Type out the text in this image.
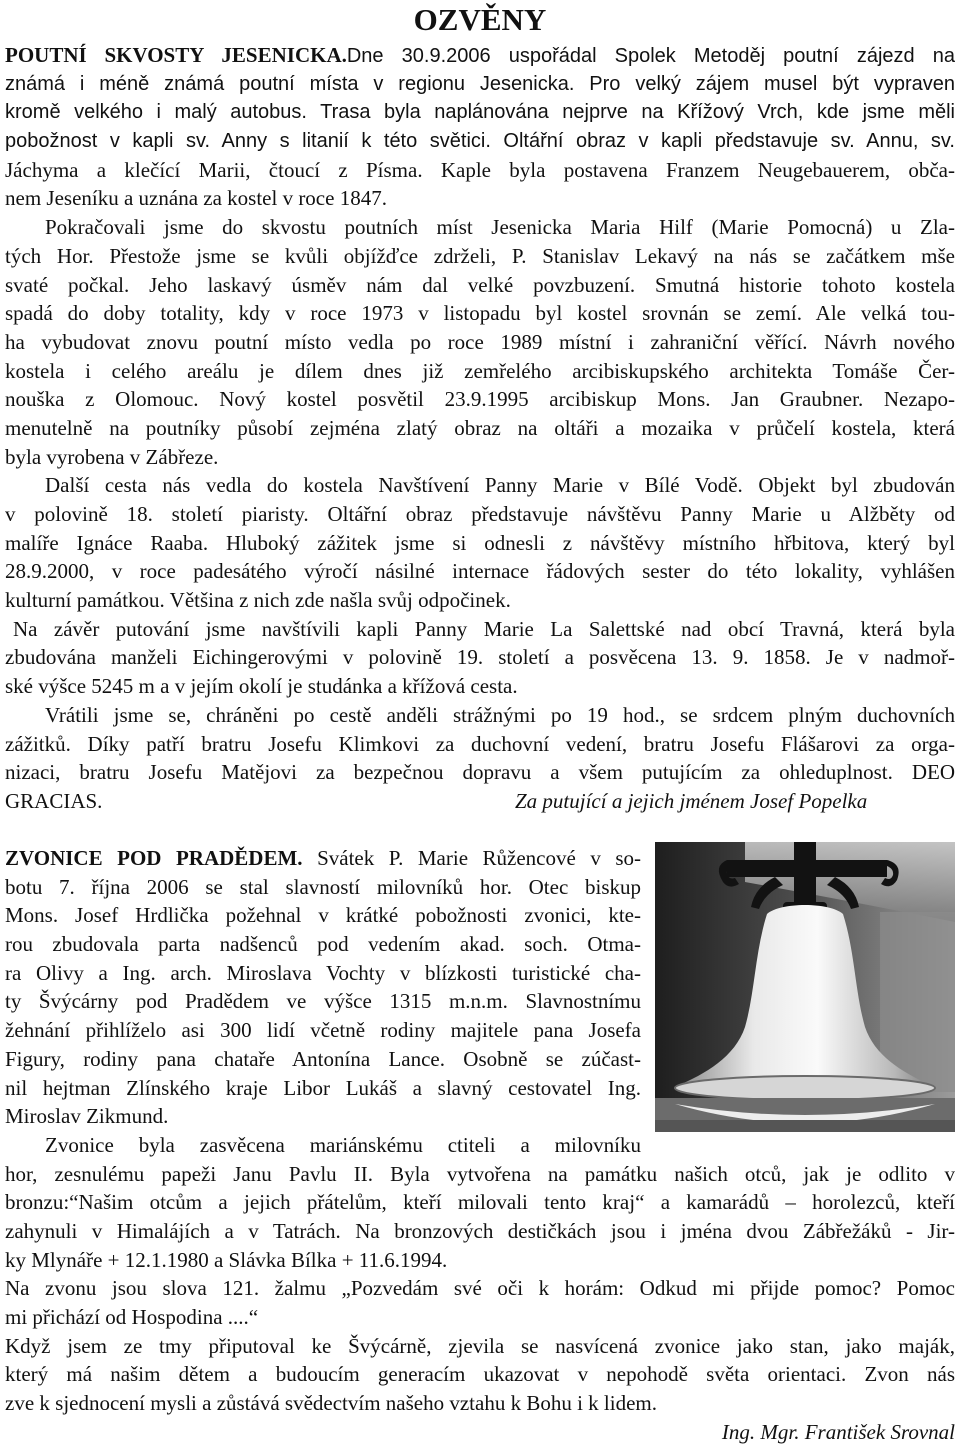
OZVĚNY
POUTNÍ SKVOSTY JESENICKA.Dne 30.9.2006 uspořádal Spolek Metoděj poutní zájezd na
známá i méně známá poutní místa v regionu Jesenicka. Pro velký zájem musel být vypraven
kromě velkého i malý autobus. Trasa byla naplánována nejprve na Křížový Vrch, kde jsme měli
pobožnost v kapli sv. Anny s litanií k této světici. Oltářní obraz v kapli představuje sv. Annu, sv.
Jáchyma a klečící Marii, čtoucí z Písma. Kaple byla postavena Franzem Neugebauerem, obča-
nem Jeseníku a uznána za kostel v roce 1847.
Pokračovali jsme do skvostu poutních míst Jesenicka Maria Hilf (Marie Pomocná) u Zla-
tých Hor. Přestože jsme se kvůli objížďce zdrželi, P. Stanislav Lekavý na nás se začátkem mše
svaté počkal. Jeho laskavý úsměv nám dal velké povzbuzení. Smutná historie tohoto kostela
spadá do doby totality, kdy v roce 1973 v listopadu byl kostel srovnán se zemí. Ale velká tou-
ha vybudovat znovu poutní místo vedla po roce 1989 místní i zahraniční věřící. Návrh nového
kostela i celého areálu je dílem dnes již zemřelého arcibiskupského architekta Tomáše Čer-
nouška z Olomouc. Nový kostel posvětil 23.9.1995 arcibiskup Mons. Jan Graubner. Nezapo-
menutelně na poutníky působí zejména zlatý obraz na oltáři a mozaika v průčelí kostela, která
byla vyrobena v Zábřeze.
Další cesta nás vedla do kostela Navštívení Panny Marie v Bílé Vodě. Objekt byl zbudován
v polovině 18. století piaristy. Oltářní obraz představuje návštěvu Panny Marie u Alžběty od
malíře Ignáce Raaba. Hluboký zážitek jsme si odnesli z návštěvy místního hřbitova, který byl
28.9.2000, v roce padesátého výročí násilné internace řádových sester do této lokality, vyhlášen
kulturní památkou. Většina z nich zde našla svůj odpočinek.
Na závěr putování jsme navštívili kapli Panny Marie La Salettské nad obcí Travná, která byla
zbudována manželi Eichingerovými v polovině 19. století a posvěcena 13. 9. 1858. Je v nadmoř-
ské výšce 5245 m a v jejím okolí je studánka a křížová cesta.
Vrátili jsme se, chráněni po cestě anděli strážnými po 19 hod., se srdcem plným duchovních
zážitků. Díky patří bratru Josefu Klimkovi za duchovní vedení, bratru Josefu Flášarovi za orga-
nizaci, bratru Josefu Matějovi za bezpečnou dopravu a všem putujícím za ohleduplnost. DEO
GRACIAS.	Za putující a jejich jménem Josef Popelka
ZVONICE POD PRADĚDEM. Svátek P. Marie Růžencové v so-
botu 7. října 2006 se stal slavností milovníků hor. Otec biskup
Mons. Josef Hrdlička požehnal v krátké pobožnosti zvonici, kte-
rou zbudovala parta nadšenců pod vedením akad. soch. Otma-
ra Olivy a Ing. arch. Miroslava Vochty v blízkosti turistické cha-
ty Švýcárny pod Pradědem ve výšce 1315 m.n.m. Slavnostnímu
žehnání přihlíželo asi 300 lidí včetně rodiny majitele pana Josefa
Figury, rodiny pana chataře Antonína Lance. Osobně se zúčast-
nil hejtman Zlínského kraje Libor Lukáš a slavný cestovatel Ing.
Miroslav Zikmund.
Zvonice byla zasvěcena mariánskému ctiteli a milovníku
hor, zesnulému papeži Janu Pavlu II. Byla vytvořena na památku našich otců, jak je odlito v
bronzu:“Našim otcům a jejich přátelům, kteří milovali tento kraj“ a kamarádů – horolezců, kteří
zahynuli v Himalájích a v Tatrách. Na bronzových destičkách jsou i jména dvou Zábřežáků - Jir-
ky Mlynáře + 12.1.1980 a Slávka Bílka + 11.6.1994.
Na zvonu jsou slova 121. žalmu „Pozvedám své oči k horám: Odkud mi přijde pomoc? Pomoc
mi přichází od Hospodina ....“
Když jsem ze tmy připutoval ke Švýcárně, zjevila se nasvícená zvonice jako stan, jako maják,
který má našim dětem a budoucím generacím ukazovat v nepohodě světa orientaci. Zvon nás
zve k sjednocení mysli a zůstává svědectvím našeho vztahu k Bohu i k lidem.
Ing. Mgr. František Srovnal
